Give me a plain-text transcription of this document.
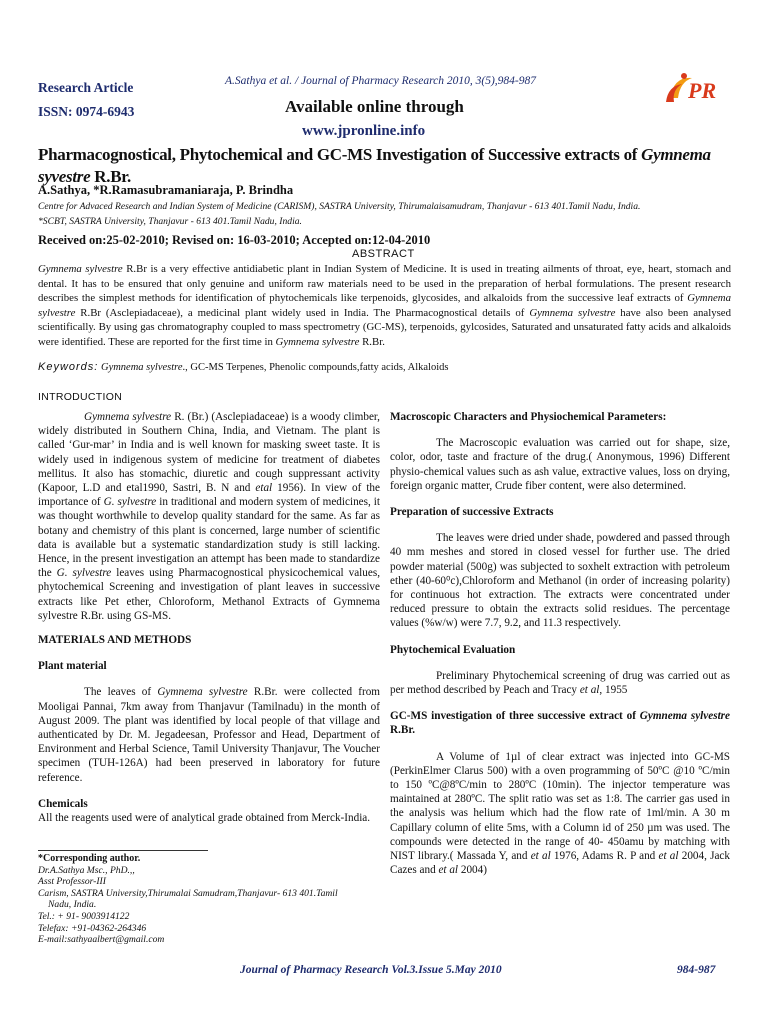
Research Article
ISSN: 0974-6943
A.Sathya et al. / Journal of Pharmacy Research 2010, 3(5),984-987
Available online through
www.jpronline.info
PR
Pharmacognostical, Phytochemical and GC-MS Investigation of Successive extracts of Gymnema syvestre R.Br.
A.Sathya, *R.Ramasubramaniaraja, P. Brindha
Centre for Advaced Research and Indian System of Medicine (CARISM), SASTRA University, Thirumalaisamudram, Thanjavur - 613 401.Tamil Nadu, India.
*SCBT, SASTRA University, Thanjavur - 613 401.Tamil Nadu, India.
Received on:25-02-2010; Revised on: 16-03-2010; Accepted on:12-04-2010
ABSTRACT
Gymnema sylvestre R.Br is a very effective antidiabetic plant in Indian System of Medicine. It is used in treating ailments of throat, eye, heart, stomach and dental. It has to be ensured that only genuine and uniform raw materials need to be used in the preparation of herbal formulations. The present research describes the simplest methods for identification of phytochemicals like terpenoids, glycosides, and alkaloids from the successive leaf extracts of Gymnema sylvestre R.Br (Asclepiadaceae), a medicinal plant widely used in India. The Pharmacognostical details of Gymnema sylvestre have also been analysed scientifically. By using gas chromatography coupled to mass spectrometry (GC-MS), terpenoids, gylcosides, Saturated and unsaturated fatty acids and alkaloids were identified. These are reported for the first time in Gymnema sylvestre R.Br.
Keywords: Gymnema sylvestre., GC-MS Terpenes, Phenolic compounds,fatty acids, Alkaloids
INTRODUCTION

Gymnema sylvestre R. (Br.) (Asclepiadaceae) is a woody climber, widely distributed in Southern China, India, and Vietnam. The plant is called ‘Gur-mar’ in India and is well known for masking sweet taste. It is widely used in indigenous system of medicine for treatment of diabetes mellitus. It also has stomachic, diuretic and cough suppressant activity (Kapoor, L.D and etal1990, Sastri, B. N and etal 1956). In view of the importance of G. sylvestre in traditional and modern system of medicines, it was thought worthwhile to develop quality standard for the same. As far as botany and chemistry of this plant is concerned, large number of scientific data is available but a systematic standardization study is still lacking. Hence, in the present investigation an attempt has been made to standardize the G. sylvestre leaves using Pharmacognostical physicochemical values, phytochemical Screening and investigation of plant leaves in successive extracts like Pet ether, Chloroform, Methanol Extracts of Gymnema sylvestre R.Br. using GS-MS.

MATERIALS AND METHODS

Plant material

The leaves of Gymnema sylvestre R.Br. were collected from Mooligai Pannai, 7km away from Thanjavur (Tamilnadu) in the month of August 2009. The plant was identified by local people of that village and authenticated by Dr. M. Jegadeesan, Professor and Head, Department of Environment and Herbal Science, Tamil University Thanjavur, The Voucher specimen (TUH-126A) had been preserved in laboratory for future reference.

Chemicals

All the reagents used were of analytical grade obtained from Merck-India.

*Corresponding author.
Dr.A.Sathya Msc., PhD.,,
Asst Professor-III
Carism, SASTRA University,Thirumalai Samudram,Thanjavur- 613 401.Tamil
Nadu, India.
Tel.: + 91- 9003914122
Telefax: +91-04362-264346
E-mail:sathyaalbert@gmail.com

Macroscopic Characters and Physiochemical Parameters:

The Macroscopic evaluation was carried out for shape, size, color, odor, taste and fracture of the drug.( Anonymous, 1996) Different physio-chemical values such as ash value, extractive values, loss on drying, foreign organic matter, Crude fiber content, were also determined.

Preparation of successive Extracts

The leaves were dried under shade, powdered and passed through 40 mm meshes and stored in closed vessel for further use. The dried powder material (500g) was subjected to soxhelt extraction with petroleum ether (40-60⁰c),Chloroform and Methanol (in order of increasing polarity) for continuous hot extraction. The extracts were concentrated under reduced pressure to obtain the extracts solid residues. The percentage values (%w/w) were 7.7, 9.2, and 11.3 respectively.

Phytochemical Evaluation

Preliminary Phytochemical screening of drug was carried out as per method described by Peach and Tracy et al, 1955

GC-MS investigation of three successive extract of Gymnema sylvestre R.Br.

A Volume of 1µl of clear extract was injected into GC-MS (PerkinElmer Clarus 500) with a oven programming of 50ºC @10 ºC/min to 150 ºC@8ºC/min to 280ºC (10min). The injector temperature was maintained at 280ºC. The split ratio was set as 1:8. The carrier gas used in the analysis was helium which had the flow rate of 1ml/min. A 30 m Capillary column of elite 5ms, with a Column id of 250 µm was used. The compounds were detected in the range of 40- 450amu by matching with NIST library.( Massada Y, and et al 1976, Adams R. P and et al 2004, Jack Cazes and et al 2004)

Journal of Pharmacy Research Vol.3.Issue 5.May 2010	984-987
